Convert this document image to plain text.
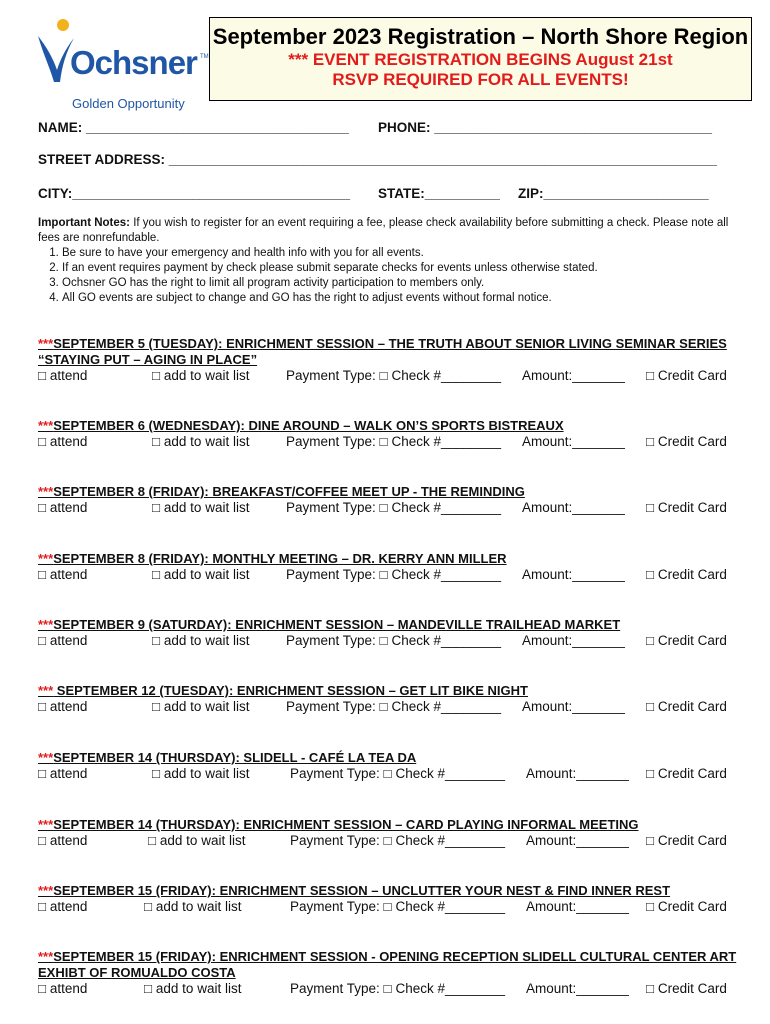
Ochsner TM
Golden Opportunity
September 2023 Registration – North Shore Region
*** EVENT REGISTRATION BEGINS August 21st
RSVP REQUIRED FOR ALL EVENTS!
NAME: ___________________________________ PHONE: _____________________________________
STREET ADDRESS: _________________________________________________________________________
CITY:_____________________________________ STATE:__________ ZIP:______________________
Important Notes: If you wish to register for an event requiring a fee, please check availability before submitting a check. Please note all fees are nonrefundable.
1. Be sure to have your emergency and health info with you for all events.
2. If an event requires payment by check please submit separate checks for events unless otherwise stated.
3. Ochsner GO has the right to limit all program activity participation to members only.
4. All GO events are subject to change and GO has the right to adjust events without formal notice.
***SEPTEMBER 5 (TUESDAY): ENRICHMENT SESSION – THE TRUTH ABOUT SENIOR LIVING SEMINAR SERIES “STAYING PUT – AGING IN PLACE”
□ attend	□ add to wait list	Payment Type: □ Check #________ Amount:_______ □ Credit Card
***SEPTEMBER 6 (WEDNESDAY): DINE AROUND – WALK ON’S SPORTS BISTREAUX
□ attend	□ add to wait list	Payment Type: □ Check #________ Amount:_______ □ Credit Card
***SEPTEMBER 8 (FRIDAY): BREAKFAST/COFFEE MEET UP - THE REMINDING
□ attend	□ add to wait list	Payment Type: □ Check #________ Amount:_______ □ Credit Card
***SEPTEMBER 8 (FRIDAY): MONTHLY MEETING – DR. KERRY ANN MILLER
□ attend	□ add to wait list	Payment Type: □ Check #________ Amount:_______ □ Credit Card
***SEPTEMBER 9 (SATURDAY): ENRICHMENT SESSION – MANDEVILLE TRAILHEAD MARKET
□ attend	□ add to wait list	Payment Type: □ Check #________ Amount:_______ □ Credit Card
*** SEPTEMBER 12 (TUESDAY): ENRICHMENT SESSION – GET LIT BIKE NIGHT
□ attend	□ add to wait list	Payment Type: □ Check #________ Amount:_______ □ Credit Card
***SEPTEMBER 14 (THURSDAY): SLIDELL - CAFÉ LA TEA DA
□ attend	□ add to wait list	Payment Type: □ Check #________ Amount:_______ □ Credit Card
***SEPTEMBER 14 (THURSDAY): ENRICHMENT SESSION – CARD PLAYING INFORMAL MEETING
□ attend	□ add to wait list	Payment Type: □ Check #________ Amount:_______ □ Credit Card
***SEPTEMBER 15 (FRIDAY): ENRICHMENT SESSION – UNCLUTTER YOUR NEST & FIND INNER REST
□ attend	□ add to wait list	Payment Type: □ Check #________ Amount:_______ □ Credit Card
***SEPTEMBER 15 (FRIDAY): ENRICHMENT SESSION - OPENING RECEPTION SLIDELL CULTURAL CENTER ART EXHIBT OF ROMUALDO COSTA
□ attend	□ add to wait list	Payment Type: □ Check #________ Amount:_______ □ Credit Card
